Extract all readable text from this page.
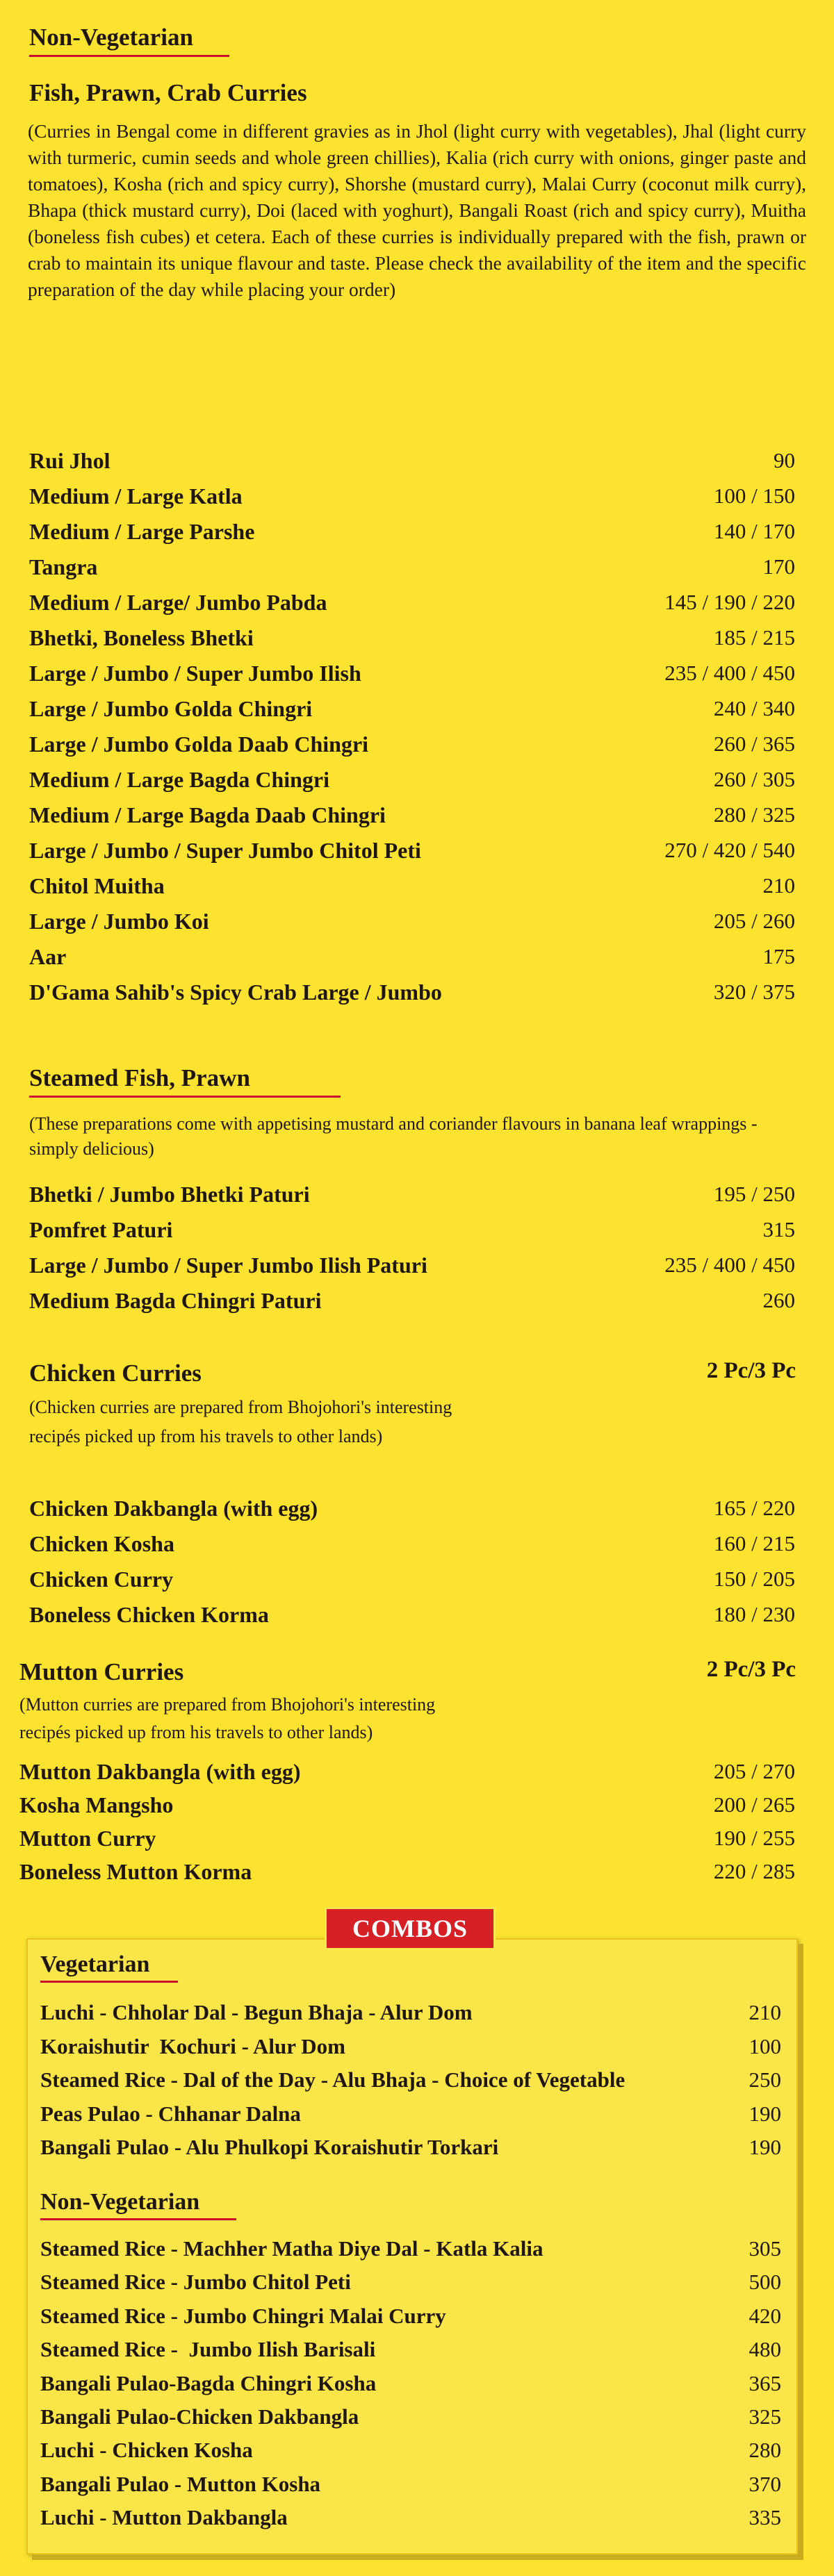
Non-Vegetarian
Fish, Prawn, Crab Curries
(Curries in Bengal come in different gravies as in Jhol (light curry with vegetables), Jhal (light curry with turmeric, cumin seeds and whole green chillies), Kalia (rich curry with onions, ginger paste and tomatoes), Kosha (rich and spicy curry), Shorshe (mustard curry), Malai Curry (coconut milk curry), Bhapa (thick mustard curry), Doi (laced with yoghurt), Bangali Roast (rich and spicy curry), Muitha (boneless fish cubes) et cetera. Each of these curries is individually prepared with the fish, prawn or crab to maintain its unique flavour and taste. Please check the availability of the item and the specific preparation of the day while placing your order)
Rui Jhol	90
Medium / Large Katla	100 / 150
Medium / Large Parshe	140 / 170
Tangra	170
Medium / Large/ Jumbo Pabda	145 / 190 / 220
Bhetki, Boneless Bhetki	185 / 215
Large / Jumbo / Super Jumbo Ilish	235 / 400 / 450
Large / Jumbo Golda Chingri	240 / 340
Large / Jumbo Golda Daab Chingri	260 / 365
Medium / Large Bagda Chingri	260 / 305
Medium / Large Bagda Daab Chingri	280 / 325
Large / Jumbo / Super Jumbo Chitol Peti	270 / 420 / 540
Chitol Muitha	210
Large / Jumbo Koi	205 / 260
Aar	175
D'Gama Sahib's Spicy Crab Large / Jumbo	320 / 375
Steamed Fish, Prawn
(These preparations come with appetising mustard and coriander flavours in banana leaf wrappings - simply delicious)
Bhetki / Jumbo Bhetki Paturi	195 / 250
Pomfret Paturi	315
Large / Jumbo / Super Jumbo Ilish Paturi	235 / 400 / 450
Medium Bagda Chingri Paturi	260
Chicken Curries	2 Pc/3 Pc
(Chicken curries are prepared from Bhojohori's interesting
recipés picked up from his travels to other lands)
Chicken Dakbangla (with egg)	165 / 220
Chicken Kosha	160 / 215
Chicken Curry	150 / 205
Boneless Chicken Korma	180 / 230
Mutton Curries	2 Pc/3 Pc
(Mutton curries are prepared from Bhojohori's interesting
recipés picked up from his travels to other lands)
Mutton Dakbangla (with egg)	205 / 270
Kosha Mangsho	200 / 265
Mutton Curry	190 / 255
Boneless Mutton Korma	220 / 285
COMBOS
Vegetarian
Luchi - Chholar Dal - Begun Bhaja - Alur Dom	210
Koraishutir  Kochuri - Alur Dom	100
Steamed Rice - Dal of the Day - Alu Bhaja - Choice of Vegetable	250
Peas Pulao - Chhanar Dalna	190
Bangali Pulao - Alu Phulkopi Koraishutir Torkari	190
Non-Vegetarian
Steamed Rice - Machher Matha Diye Dal - Katla Kalia	305
Steamed Rice - Jumbo Chitol Peti	500
Steamed Rice - Jumbo Chingri Malai Curry	420
Steamed Rice -  Jumbo Ilish Barisali	480
Bangali Pulao-Bagda Chingri Kosha	365
Bangali Pulao-Chicken Dakbangla	325
Luchi - Chicken Kosha	280
Bangali Pulao - Mutton Kosha	370
Luchi - Mutton Dakbangla	335
